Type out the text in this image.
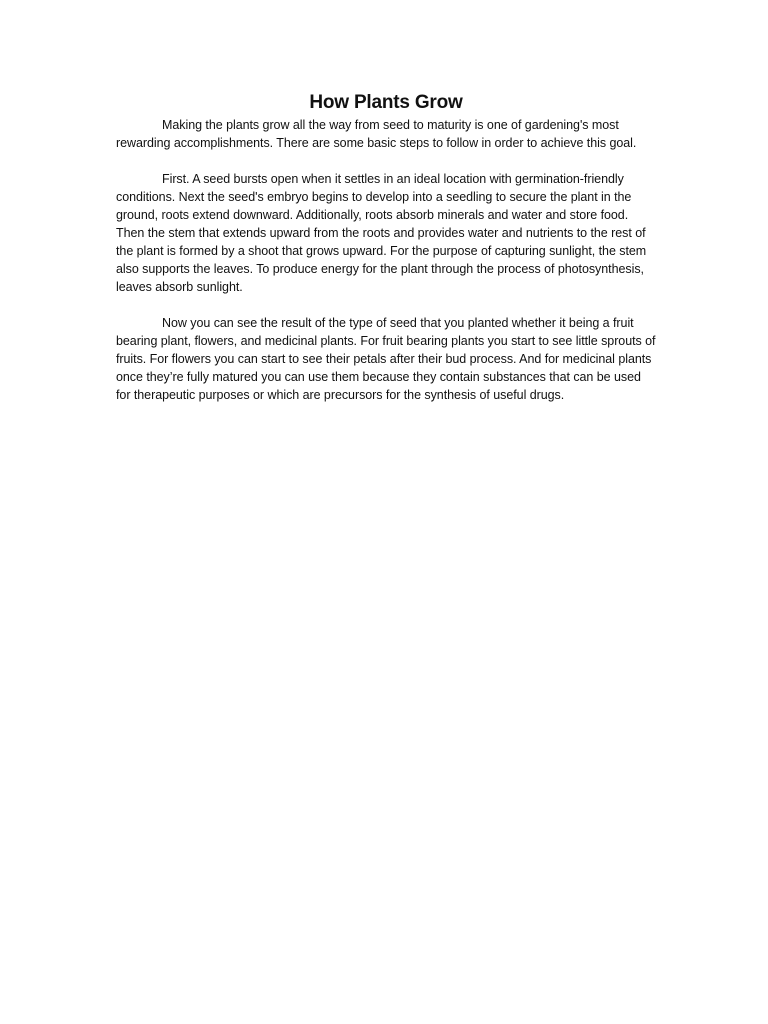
How Plants Grow

Making the plants grow all the way from seed to maturity is one of gardening's most rewarding accomplishments. There are some basic steps to follow in order to achieve this goal.

First. A seed bursts open when it settles in an ideal location with germination-friendly conditions. Next the seed's embryo begins to develop into a seedling to secure the plant in the ground, roots extend downward. Additionally, roots absorb minerals and water and store food. Then the stem that extends upward from the roots and provides water and nutrients to the rest of the plant is formed by a shoot that grows upward. For the purpose of capturing sunlight, the stem also supports the leaves. To produce energy for the plant through the process of photosynthesis, leaves absorb sunlight.

Now you can see the result of the type of seed that you planted whether it being a fruit bearing plant, flowers, and medicinal plants. For fruit bearing plants you start to see little sprouts of fruits. For flowers you can start to see their petals after their bud process. And for medicinal plants once they’re fully matured you can use them because they contain substances that can be used for therapeutic purposes or which are precursors for the synthesis of useful drugs.
